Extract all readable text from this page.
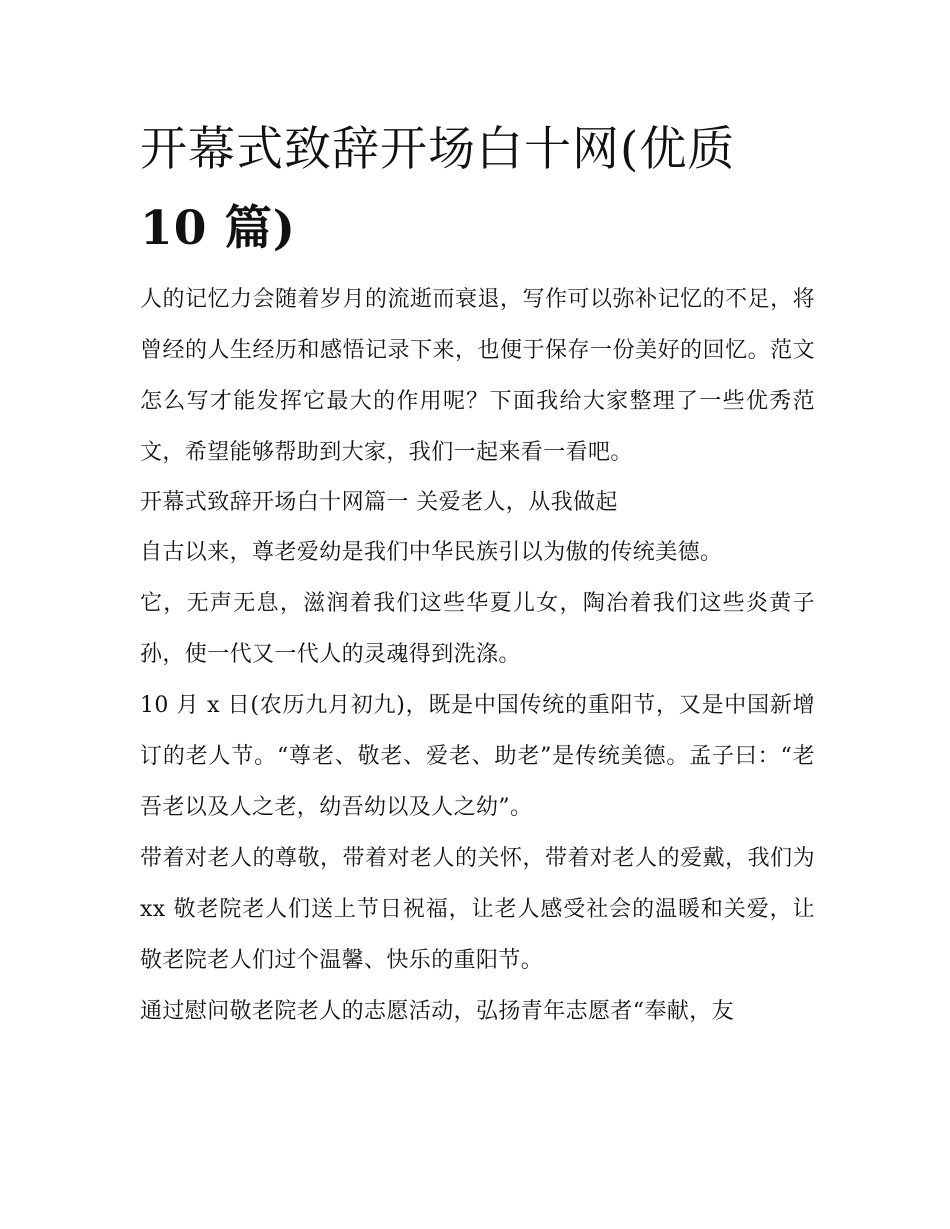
开幕式致辞开场白十网(优质
10 篇)

人的记忆力会随着岁月的流逝而衰退，写作可以弥补记忆的不足，将曾经的人生经历和感悟记录下来，也便于保存一份美好的回忆。范文怎么写才能发挥它最大的作用呢？下面我给大家整理了一些优秀范文，希望能够帮助到大家，我们一起来看一看吧。

开幕式致辞开场白十网篇一 关爱老人，从我做起

自古以来，尊老爱幼是我们中华民族引以为傲的传统美德。

它，无声无息，滋润着我们这些华夏儿女，陶冶着我们这些炎黄子孙，使一代又一代人的灵魂得到洗涤。

10 月 x 日(农历九月初九)，既是中国传统的重阳节，又是中国新增订的老人节。“尊老、敬老、爱老、助老”是传统美德。孟子曰：“老吾老以及人之老，幼吾幼以及人之幼”。

带着对老人的尊敬，带着对老人的关怀，带着对老人的爱戴，我们为 xx 敬老院老人们送上节日祝福，让老人感受社会的温暖和关爱，让敬老院老人们过个温馨、快乐的重阳节。

通过慰问敬老院老人的志愿活动，弘扬青年志愿者“奉献，友
